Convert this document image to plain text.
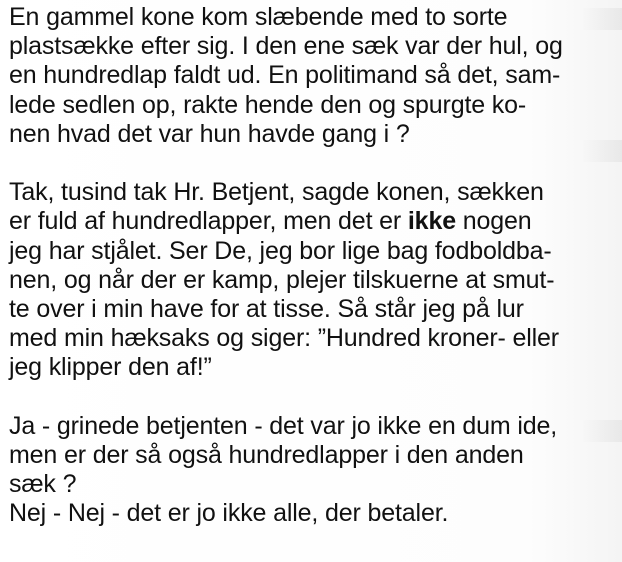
En gammel kone kom slæbende med to sorte
plastsække efter sig. I den ene sæk var der hul, og
en hundredlap faldt ud. En politimand så det, sam-
lede sedlen op, rakte hende den og spurgte ko-
nen hvad det var hun havde gang i ?

Tak, tusind tak Hr. Betjent, sagde konen, sækken
er fuld af hundredlapper, men det er ikke nogen
jeg har stjålet. Ser De, jeg bor lige bag fodboldba-
nen, og når der er kamp, plejer tilskuerne at smut-
te over i min have for at tisse. Så står jeg på lur
med min hæksaks og siger: ”Hundred kroner- eller
jeg klipper den af!”

Ja - grinede betjenten - det var jo ikke en dum ide,
men er der så også hundredlapper i den anden
sæk ?
Nej - Nej - det er jo ikke alle, der betaler.
